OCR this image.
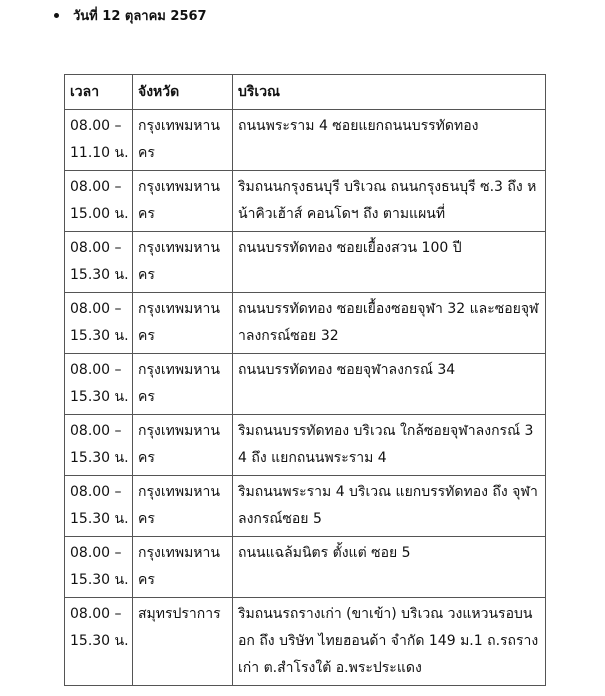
วันที่ 12 ตุลาคม 2567
เวลา	จังหวัด	บริเวณ
08.00 – 11.10 น.	กรุงเทพมหานคร	ถนนพระราม 4 ซอยแยกถนนบรรทัดทอง
08.00 – 15.00 น.	กรุงเทพมหานคร	ริมถนนกรุงธนบุรี บริเวณ ถนนกรุงธนบุรี ซ.3 ถึง หน้าคิวเฮ้าส์ คอนโดฯ ถึง ตามแผนที่
08.00 – 15.30 น.	กรุงเทพมหานคร	ถนนบรรทัดทอง ซอยเยื้องสวน 100 ปี
08.00 – 15.30 น.	กรุงเทพมหานคร	ถนนบรรทัดทอง ซอยเยื้องซอยจุฬา 32 และซอยจุฬาลงกรณ์ซอย 32
08.00 – 15.30 น.	กรุงเทพมหานคร	ถนนบรรทัดทอง ซอยจุฬาลงกรณ์ 34
08.00 – 15.30 น.	กรุงเทพมหานคร	ริมถนนบรรทัดทอง บริเวณ ใกล้ซอยจุฬาลงกรณ์ 34 ถึง แยกถนนพระราม 4
08.00 – 15.30 น.	กรุงเทพมหานคร	ริมถนนพระราม 4 บริเวณ แยกบรรทัดทอง ถึง จุฬาลงกรณ์ซอย 5
08.00 – 15.30 น.	กรุงเทพมหานคร	ถนนแฉล้มนิตร ตั้งแต่ ซอย 5
08.00 – 15.30 น.	สมุทรปราการ	ริมถนนรถรางเก่า (ขาเข้า) บริเวณ วงแหวนรอบนอก ถึง บริษัท ไทยฮอนด้า จำกัด 149 ม.1 ถ.รถรางเก่า ต.สำโรงใต้ อ.พระประแดง
